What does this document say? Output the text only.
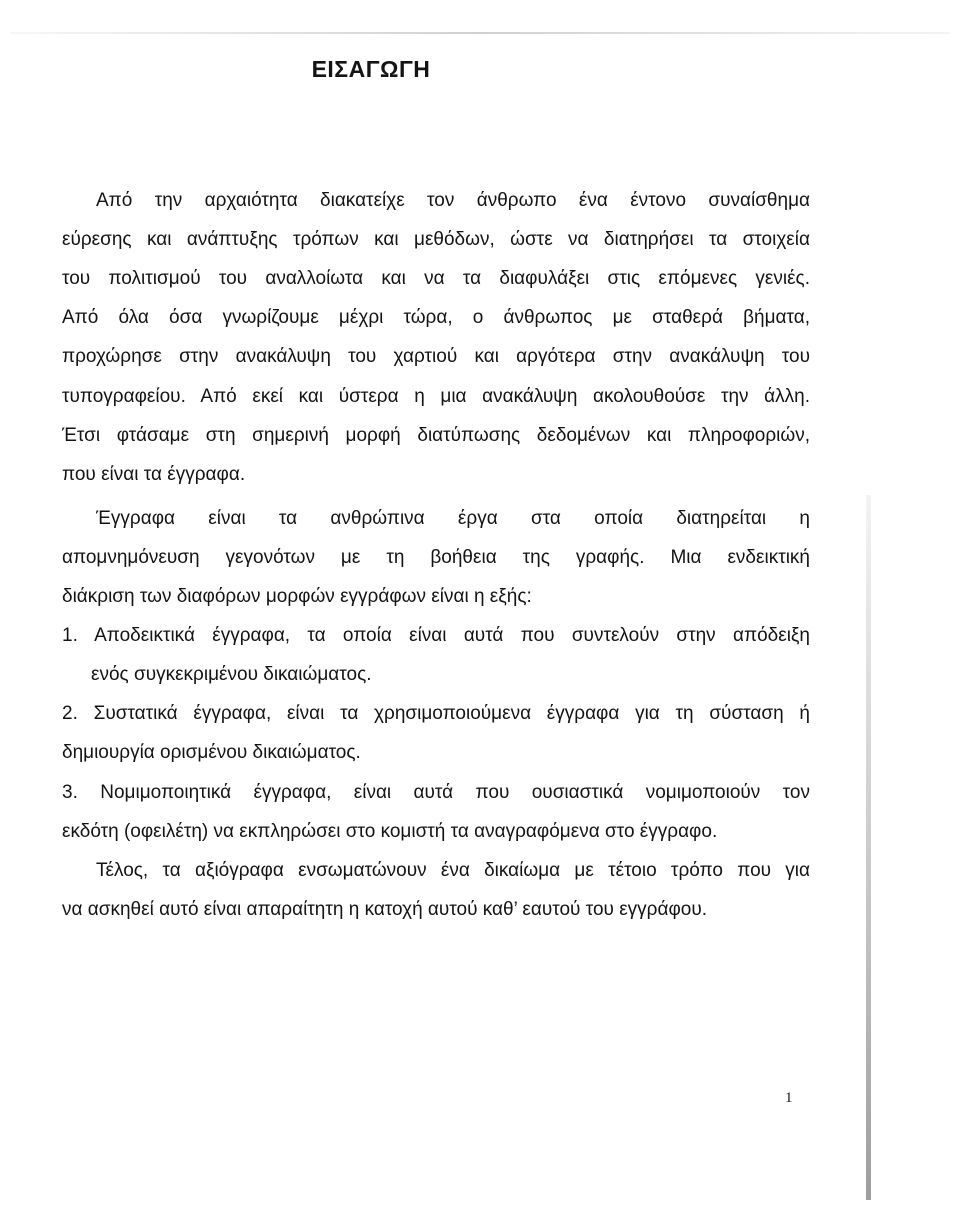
ΕΙΣΑΓΩΓΗ

Από την αρχαιότητα διακατείχε τον άνθρωπο ένα έντονο συναίσθημα

εύρεσης και ανάπτυξης τρόπων και μεθόδων, ώστε να διατηρήσει τα στοιχεία

του πολιτισμού του αναλλοίωτα και να τα διαφυλάξει στις επόμενες γενιές.

Από όλα όσα γνωρίζουμε μέχρι τώρα, ο άνθρωπος με σταθερά βήματα,

προχώρησε στην ανακάλυψη του χαρτιού και αργότερα στην ανακάλυψη του

τυπογραφείου. Από εκεί και ύστερα η μια ανακάλυψη ακολουθούσε την άλλη.

Έτσι φτάσαμε στη σημερινή μορφή διατύπωσης δεδομένων και πληροφοριών,

που είναι τα έγγραφα.

Έγγραφα είναι τα ανθρώπινα έργα στα οποία διατηρείται η

απομνημόνευση γεγονότων με τη βοήθεια της γραφής. Μια ενδεικτική

διάκριση των διαφόρων μορφών εγγράφων είναι η εξής:

1. Αποδεικτικά έγγραφα, τα οποία είναι αυτά που συντελούν στην απόδειξη

ενός συγκεκριμένου δικαιώματος.

2. Συστατικά έγγραφα, είναι τα χρησιμοποιούμενα έγγραφα για τη σύσταση ή

δημιουργία ορισμένου δικαιώματος.

3. Νομιμοποιητικά έγγραφα, είναι αυτά που ουσιαστικά νομιμοποιούν τον

εκδότη (οφειλέτη) να εκπληρώσει στο κομιστή τα αναγραφόμενα στο έγγραφο.

Τέλος, τα αξιόγραφα ενσωματώνουν ένα δικαίωμα με τέτοιο τρόπο που για

να ασκηθεί αυτό είναι απαραίτητη η κατοχή αυτού καθ’ εαυτού του εγγράφου.

1
